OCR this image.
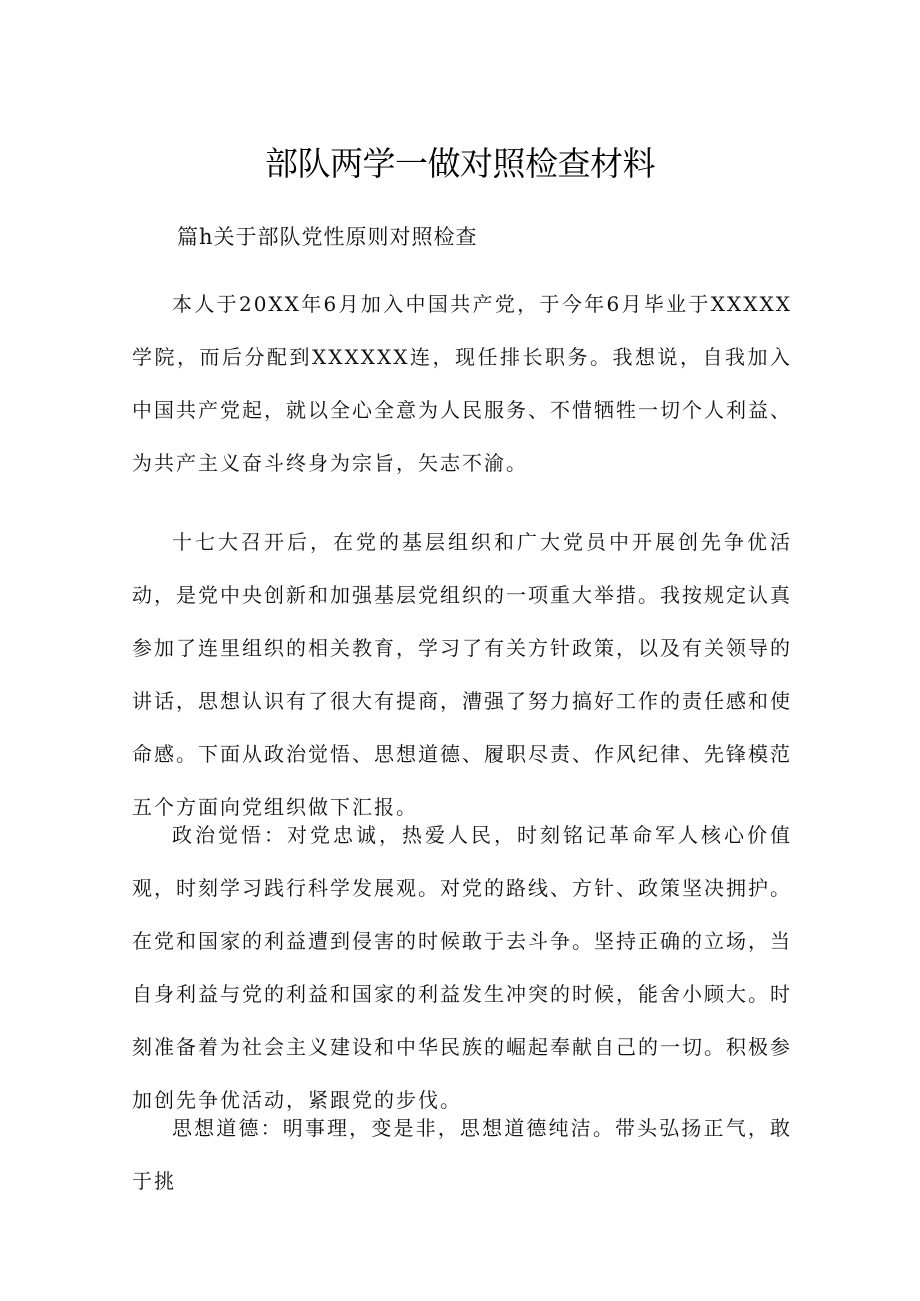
部队两学一做对照检查材料

篇h关于部队党性原则对照检查

本人于20XX年6月加入中国共产党，于今年6月毕业于XXXXX学院，而后分配到XXXXXX连，现任排长职务。我想说，自我加入中国共产党起，就以全心全意为人民服务、不惜牺牲一切个人利益、为共产主义奋斗终身为宗旨，矢志不渝。

十七大召开后，在党的基层组织和广大党员中开展创先争优活动，是党中央创新和加强基层党组织的一项重大举措。我按规定认真参加了连里组织的相关教育，学习了有关方针政策，以及有关领导的讲话，思想认识有了很大有提商，漕强了努力搞好工作的责任感和使命感。下面从政治觉悟、思想道德、履职尽责、作风纪律、先锋模范五个方面向党组织做下汇报。

政治觉悟：对党忠诚，热爱人民，时刻铭记革命军人核心价值观，时刻学习践行科学发展观。对党的路线、方针、政策坚决拥护。在党和国家的利益遭到侵害的时候敢于去斗争。坚持正确的立场，当自身利益与党的利益和国家的利益发生冲突的时候，能舍小顾大。时刻准备着为社会主义建设和中华民族的崛起奉献自己的一切。积极参加创先争优活动，紧跟党的步伐。

思想道德：明事理，变是非，思想道德纯洁。带头弘扬正气，敢于挑
